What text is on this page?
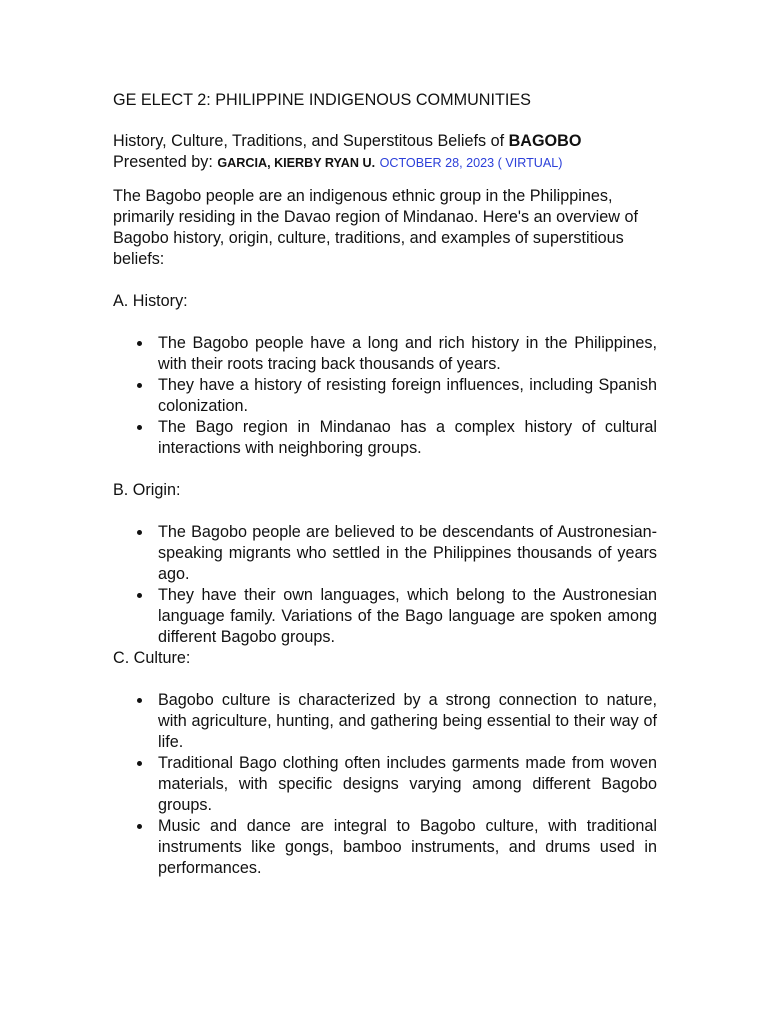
GE ELECT 2: PHILIPPINE INDIGENOUS COMMUNITIES
History, Culture, Traditions, and Superstitous Beliefs of BAGOBO
Presented by: GARCIA, KIERBY RYAN U. OCTOBER 28, 2023 ( VIRTUAL)

The Bagobo people are an indigenous ethnic group in the Philippines, primarily residing in the Davao region of Mindanao. Here's an overview of Bagobo history, origin, culture, traditions, and examples of superstitious beliefs:

A. History:

The Bagobo people have a long and rich history in the Philippines, with their roots tracing back thousands of years.
They have a history of resisting foreign influences, including Spanish colonization.
The Bago region in Mindanao has a complex history of cultural interactions with neighboring groups.

B. Origin:

The Bagobo people are believed to be descendants of Austronesian-speaking migrants who settled in the Philippines thousands of years ago.
They have their own languages, which belong to the Austronesian language family. Variations of the Bago language are spoken among different Bagobo groups.

C. Culture:

Bagobo culture is characterized by a strong connection to nature, with agriculture, hunting, and gathering being essential to their way of life.
Traditional Bago clothing often includes garments made from woven materials, with specific designs varying among different Bagobo groups.
Music and dance are integral to Bagobo culture, with traditional instruments like gongs, bamboo instruments, and drums used in performances.
